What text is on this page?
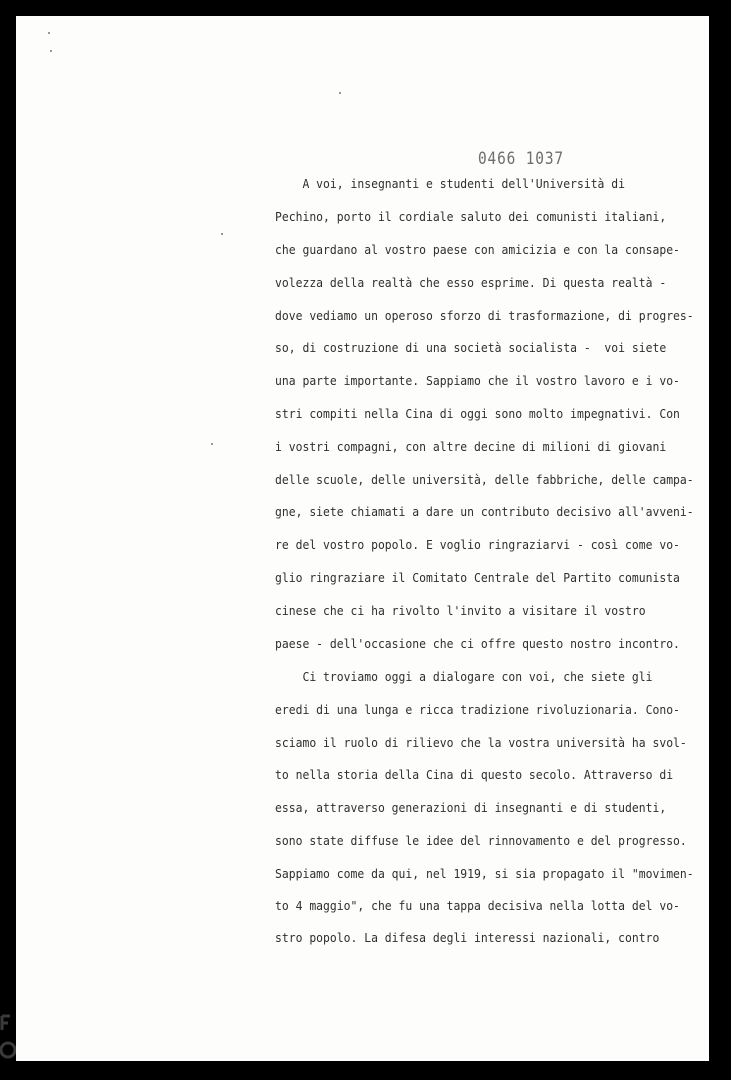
0466 1037
A voi, insegnanti e studenti dell'Università di
Pechino, porto il cordiale saluto dei comunisti italiani,
che guardano al vostro paese con amicizia e con la consape-
volezza della realtà che esso esprime. Di questa realtà -
dove vediamo un operoso sforzo di trasformazione, di progres-
so, di costruzione di una società socialista -  voi siete
una parte importante. Sappiamo che il vostro lavoro e i vo-
stri compiti nella Cina di oggi sono molto impegnativi. Con
i vostri compagni, con altre decine di milioni di giovani
delle scuole, delle università, delle fabbriche, delle campa-
gne, siete chiamati a dare un contributo decisivo all'avveni-
re del vostro popolo. E voglio ringraziarvi - così come vo-
glio ringraziare il Comitato Centrale del Partito comunista
cinese che ci ha rivolto l'invito a visitare il vostro
paese - dell'occasione che ci offre questo nostro incontro.
Ci troviamo oggi a dialogare con voi, che siete gli
eredi di una lunga e ricca tradizione rivoluzionaria. Cono-
sciamo il ruolo di rilievo che la vostra università ha svol-
to nella storia della Cina di questo secolo. Attraverso di
essa, attraverso generazioni di insegnanti e di studenti,
sono state diffuse le idee del rinnovamento e del progresso.
Sappiamo come da qui, nel 1919, si sia propagato il "movimen-
to 4 maggio", che fu una tappa decisiva nella lotta del vo-
stro popolo. La difesa degli interessi nazionali, contro
